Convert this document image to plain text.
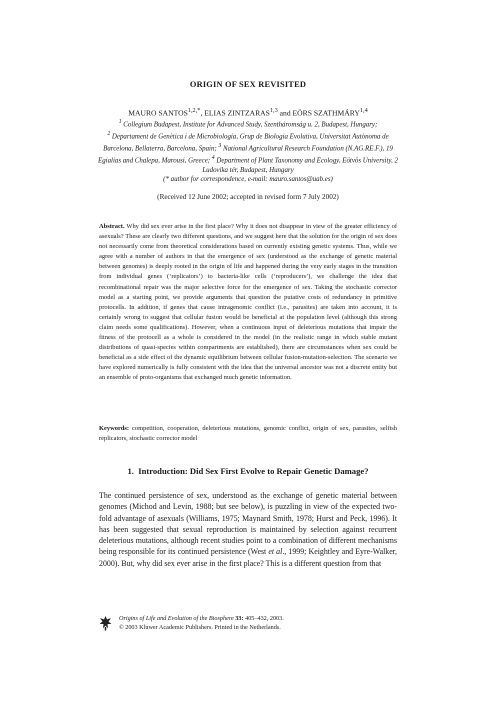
ORIGIN OF SEX REVISITED
MAURO $SANTOS^{1,2,*}$, ELIAS ZINTZARAS$^{1,3}$ and EÖRS SZATHMÁRY$^{1,4}$
$^1$ Collegium Budapest, Institute for Advanced Study, Szentháromság u. 2, Budapest, Hungary;
$^2$ Departament de Genètica i de Microbiologia, Grup de Biologia Evolutiva, Universitat Autònoma de Barcelona, Bellaterra, Barcelona, Spain; $^3$ National Agricultural Research Foundation (N.AG.RE.F.), 19 Egialias and Chalepa, Marousi, Greece; $^4$ Department of Plant Taxonomy and Ecology, Eötvös University, 2 Ludovika tér, Budapest, Hungary
(* author for correspondence, e-mail: mauro.santos@uab.es)
(Received 12 June 2002; accepted in revised form 7 July 2002)
Abstract. Why did sex ever arise in the first place? Why it does not disappear in view of the greater efficiency of asexuals? These are clearly two different questions, and we suggest here that the solution for the origin of sex does not necessarily come from theoretical considerations based on currently existing genetic systems. Thus, while we agree with a number of authors in that the emergence of sex (understood as the exchange of genetic material between genomes) is deeply rooted in the origin of life and happened during the very early stages in the transition from individual genes (‘replicators’) to bacteria-like cells (‘reproducers’), we challenge the idea that recombinational repair was the major selective force for the emergence of sex. Taking the stochastic corrector model as a starting point, we provide arguments that question the putative costs of redundancy in primitive protocells. In addition, if genes that cause intragenomic conflict (i.e., parasites) are taken into account, it is certainly wrong to suggest that cellular fusion would be beneficial at the population level (although this strong claim needs some qualifications). However, when a continuous input of deleterious mutations that impair the fitness of the protocell as a whole is considered in the model (in the realistic range in which stable mutant distributions of quasi-species within compartments are established), there are circumstances when sex could be beneficial as a side effect of the dynamic equilibrium between cellular fusion-mutation-selection. The scenario we have explored numerically is fully consistent with the idea that the universal ancestor was not a discrete entity but an ensemble of proto-organisms that exchanged much genetic information.
Keywords: competition, cooperation, deleterious mutations, genomic conflict, origin of sex, parasites, selfish replicators, stochastic corrector model
1. Introduction: Did Sex First Evolve to Repair Genetic Damage?
The continued persistence of sex, understood as the exchange of genetic material between genomes (Michod and Levin, 1988; but see below), is puzzling in view of the expected two-fold advantage of asexuals (Williams, 1975; Maynard Smith, 1978; Hurst and Peck, 1996). It has been suggested that sexual reproduction is maintained by selection against recurrent deleterious mutations, although recent studies point to a combination of different mechanisms being responsible for its continued persistence (West et al., 1999; Keightley and Eyre-Walker, 2000). But, why did sex ever arise in the first place? This is a different question from that
Origins of Life and Evolution of the Biosphere 33: 405–432, 2003.
© 2003 Kluwer Academic Publishers. Printed in the Netherlands.
